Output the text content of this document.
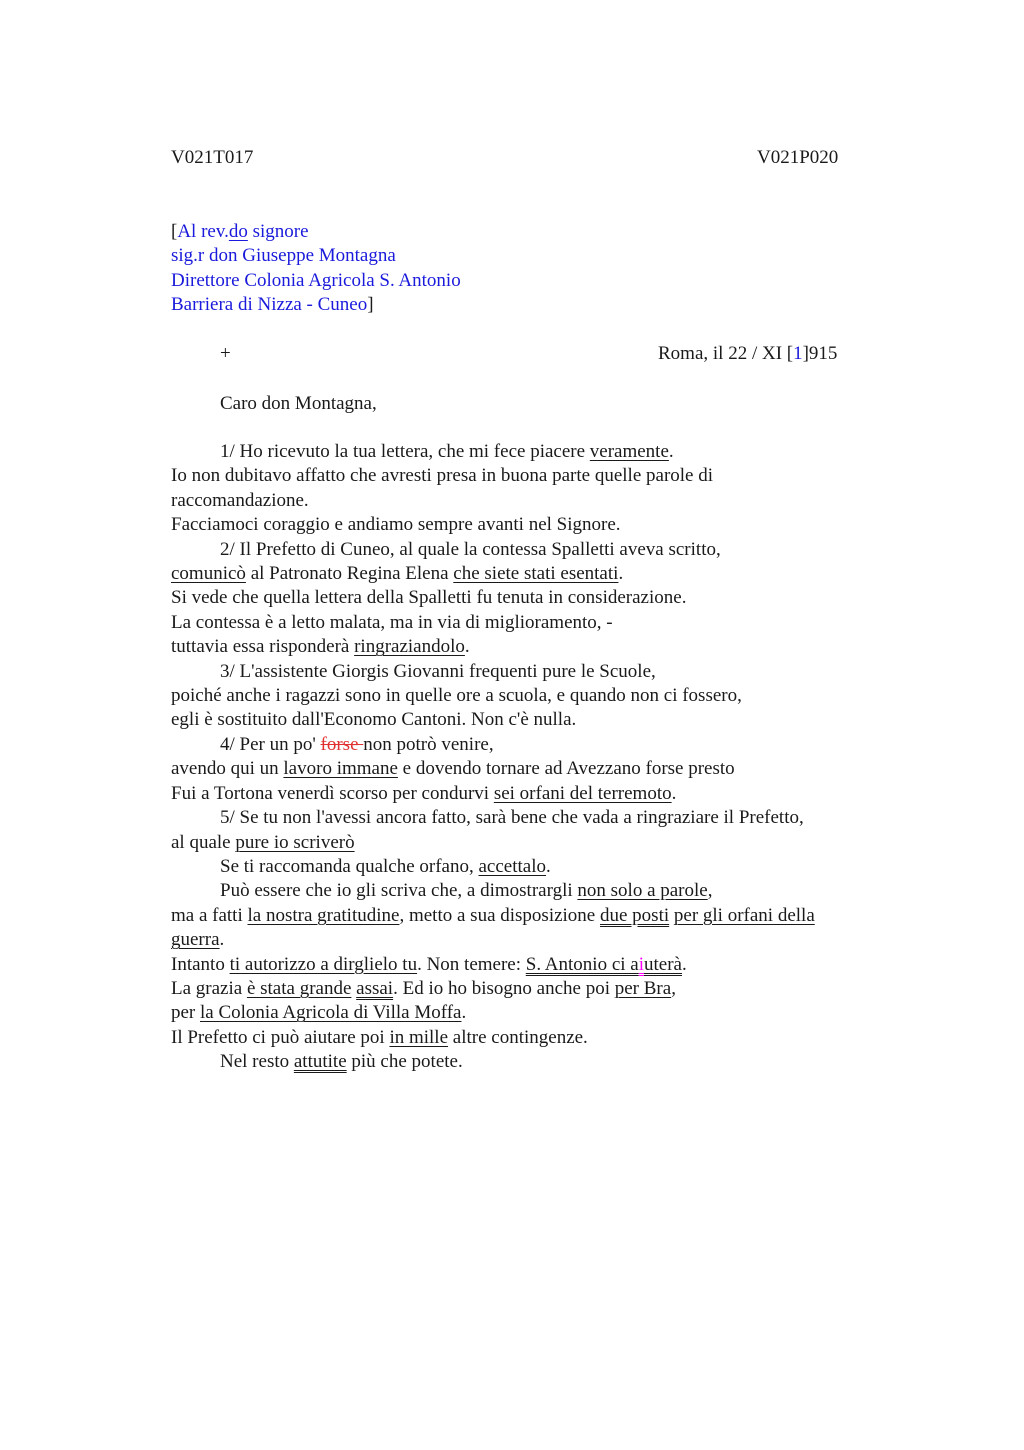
V021T017	V021P020
[Al rev.do signore
sig.r don Giuseppe Montagna
Direttore Colonia Agricola S. Antonio
Barriera di Nizza - Cuneo]
+	Roma, il 22 / XI [1]915
Caro don Montagna,
1/ Ho ricevuto la tua lettera, che mi fece piacere veramente.
Io non dubitavo affatto che avresti presa in buona parte quelle parole di
raccomandazione.
Facciamoci coraggio e andiamo sempre avanti nel Signore.
2/ Il Prefetto di Cuneo, al quale la contessa Spalletti aveva scritto,
comunicò al Patronato Regina Elena che siete stati esentati.
Si vede che quella lettera della Spalletti fu tenuta in considerazione.
La contessa è a letto malata, ma in via di miglioramento, -
tuttavia essa risponderà ringraziandolo.
3/ L'assistente Giorgis Giovanni frequenti pure le Scuole,
poiché anche i ragazzi sono in quelle ore a scuola, e quando non ci fossero,
egli è sostituito dall'Economo Cantoni. Non c'è nulla.
4/ Per un po' forse non potrò venire,
avendo qui un lavoro immane e dovendo tornare ad Avezzano forse presto
Fui a Tortona venerdì scorso per condurvi sei orfani del terremoto.
5/ Se tu non l'avessi ancora fatto, sarà bene che vada a ringraziare il Prefetto,
al quale pure io scriverò
Se ti raccomanda qualche orfano, accettalo.
Può essere che io gli scriva che, a dimostrargli non solo a parole,
ma a fatti la nostra gratitudine, metto a sua disposizione due posti per gli orfani della
guerra.
Intanto ti autorizzo a dirglielo tu. Non temere: S. Antonio ci aiuterà.
La grazia è stata grande assai. Ed io ho bisogno anche poi per Bra,
per la Colonia Agricola di Villa Moffa.
Il Prefetto ci può aiutare poi in mille altre contingenze.
Nel resto attutite più che potete.
